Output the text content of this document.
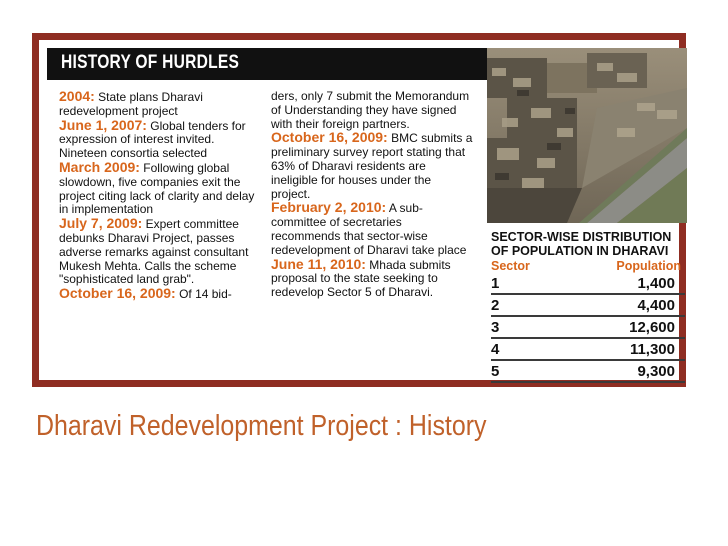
HISTORY OF HURDLES

2004: State plans Dharavi redevelopment project

June 1, 2007: Global tenders for expression of interest invited. Nineteen consortia selected

March 2009: Following global slowdown, five companies exit the project citing lack of clarity and delay in implementation

July 7, 2009: Expert committee debunks Dharavi Project, passes adverse remarks against consultant Mukesh Mehta. Calls the scheme "sophisticated land grab".

October 16, 2009: Of 14 bid-

ders, only 7 submit the Memorandum of Understanding they have signed with their foreign partners.

October 16, 2009: BMC submits a preliminary survey report stating that 63% of Dharavi residents are ineligible for houses under the project.

February 2, 2010: A sub-committee of secretaries recommends that sector-wise redevelopment of Dharavi take place

June 11, 2010: Mhada submits proposal to the state seeking to redevelop Sector 5 of Dharavi.

SECTOR-WISE DISTRIBUTION OF POPULATION IN DHARAVI
Sector	Population
1	1,400
2	4,400
3	12,600
4	11,300
5	9,300
Dharavi Redevelopment Project : History
